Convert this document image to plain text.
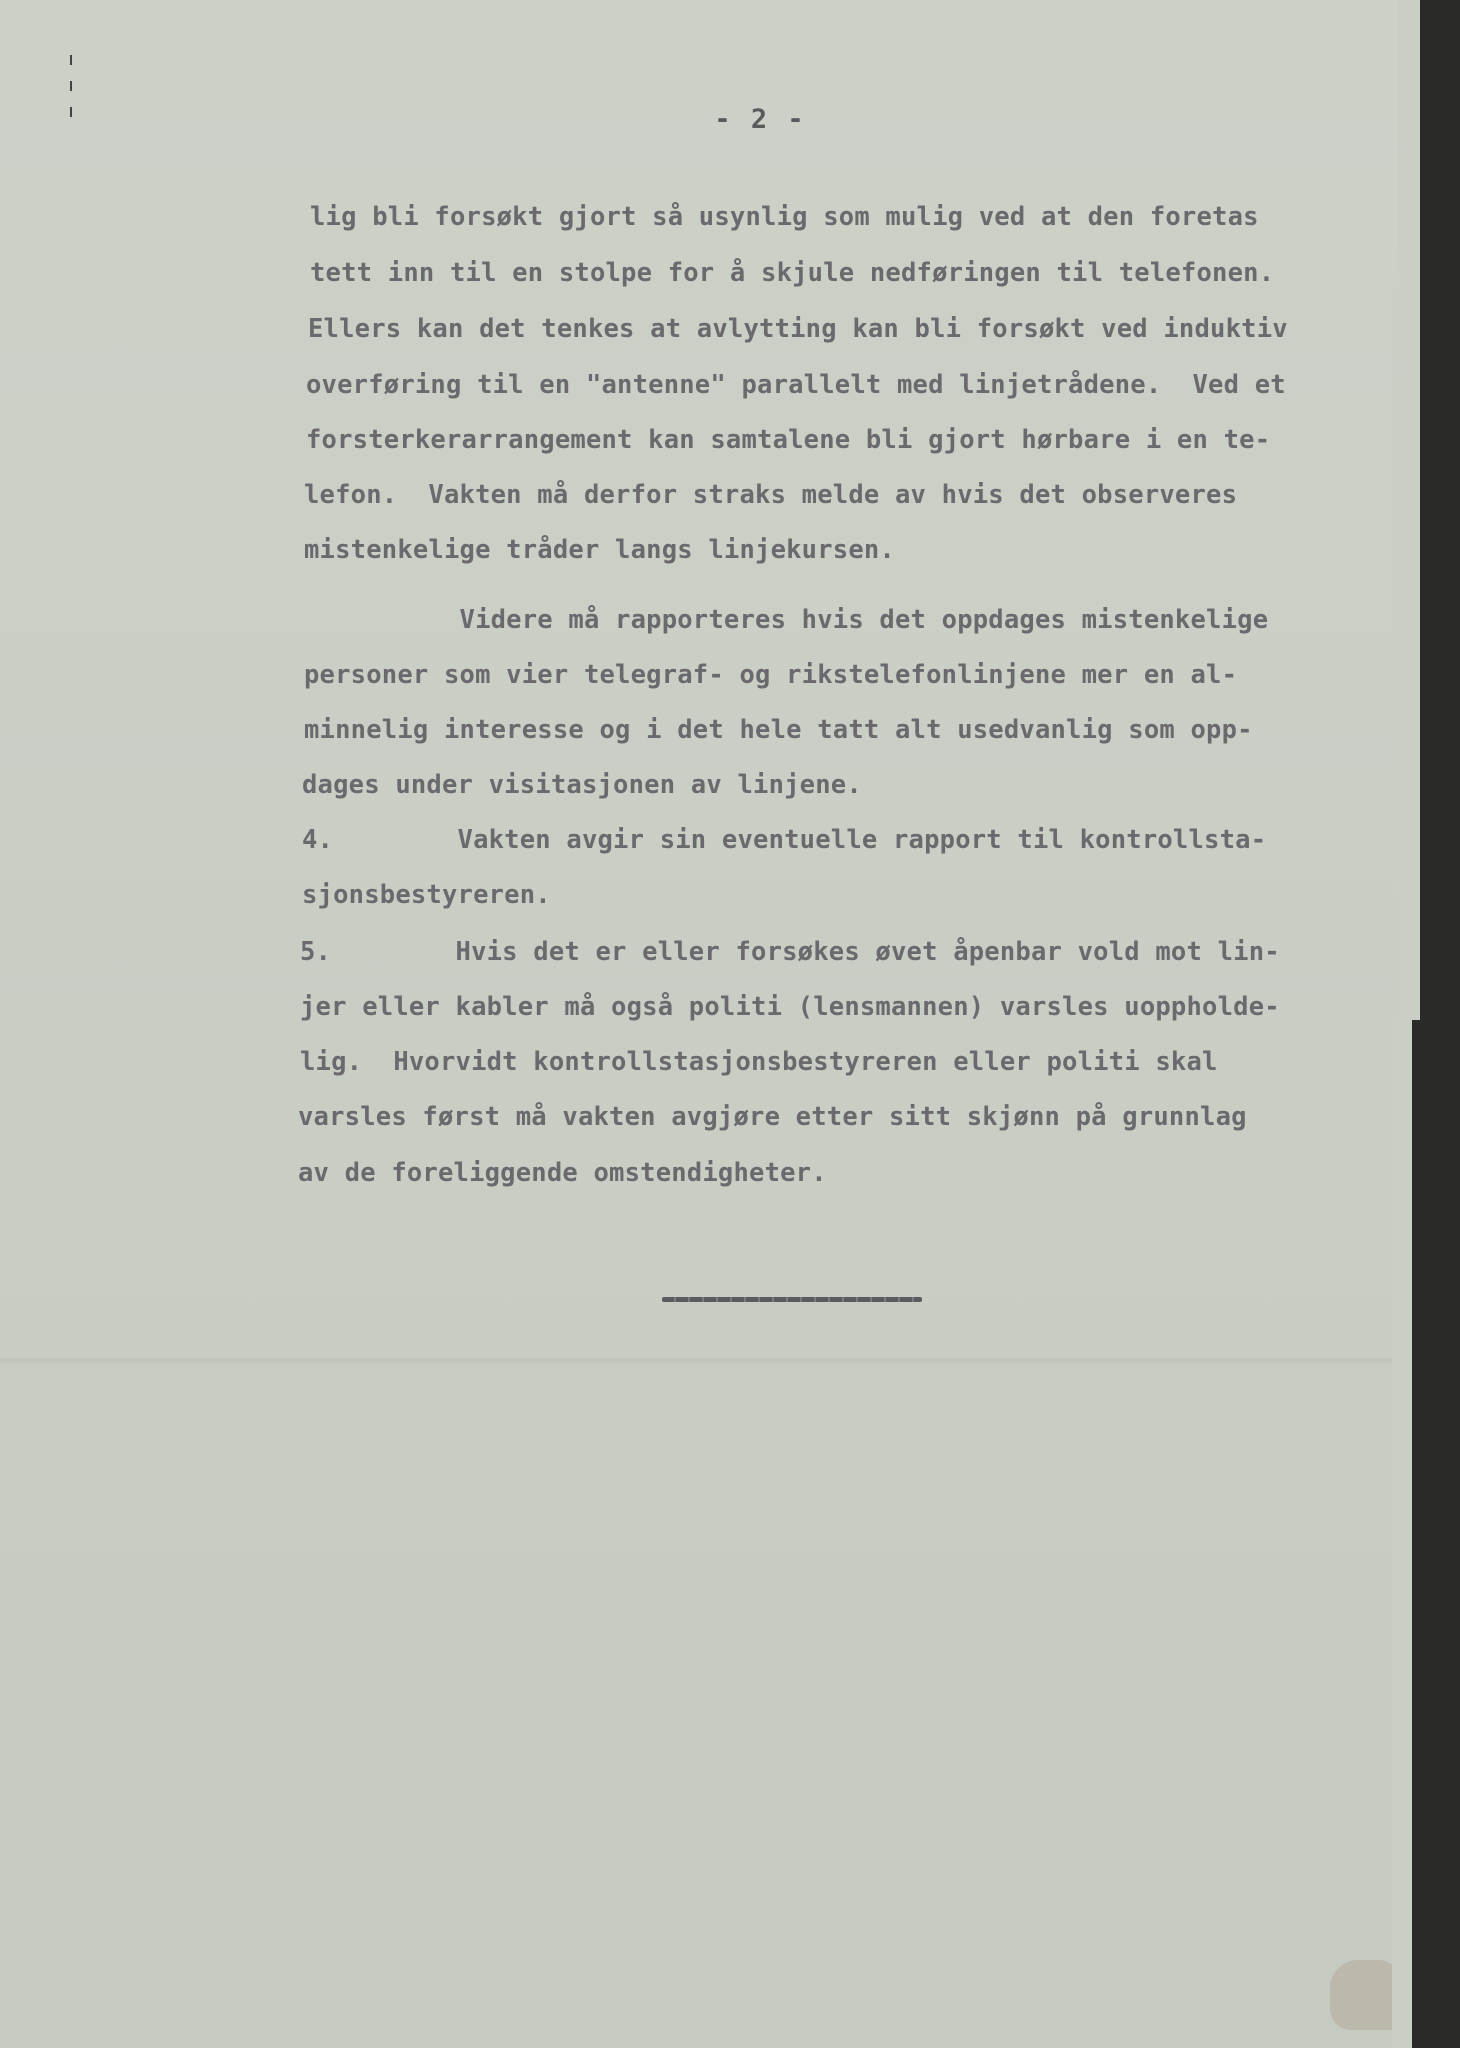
- 2 -
lig bli forsøkt gjort så usynlig som mulig ved at den foretas
tett inn til en stolpe for å skjule nedføringen til telefonen.
Ellers kan det tenkes at avlytting kan bli forsøkt ved induktiv
overføring til en "antenne" parallelt med linjetrådene.  Ved et
forsterkerarrangement kan samtalene bli gjort hørbare i en te-
lefon.  Vakten må derfor straks melde av hvis det observeres
mistenkelige tråder langs linjekursen.
Videre må rapporteres hvis det oppdages mistenkelige
personer som vier telegraf- og rikstelefonlinjene mer en al-
minnelig interesse og i det hele tatt alt usedvanlig som opp-
dages under visitasjonen av linjene.
4.        Vakten avgir sin eventuelle rapport til kontrollsta-
sjonsbestyreren.
5.        Hvis det er eller forsøkes øvet åpenbar vold mot lin-
jer eller kabler må også politi (lensmannen) varsles uoppholde-
lig.  Hvorvidt kontrollstasjonsbestyreren eller politi skal
varsles først må vakten avgjøre etter sitt skjønn på grunnlag
av de foreliggende omstendigheter.
